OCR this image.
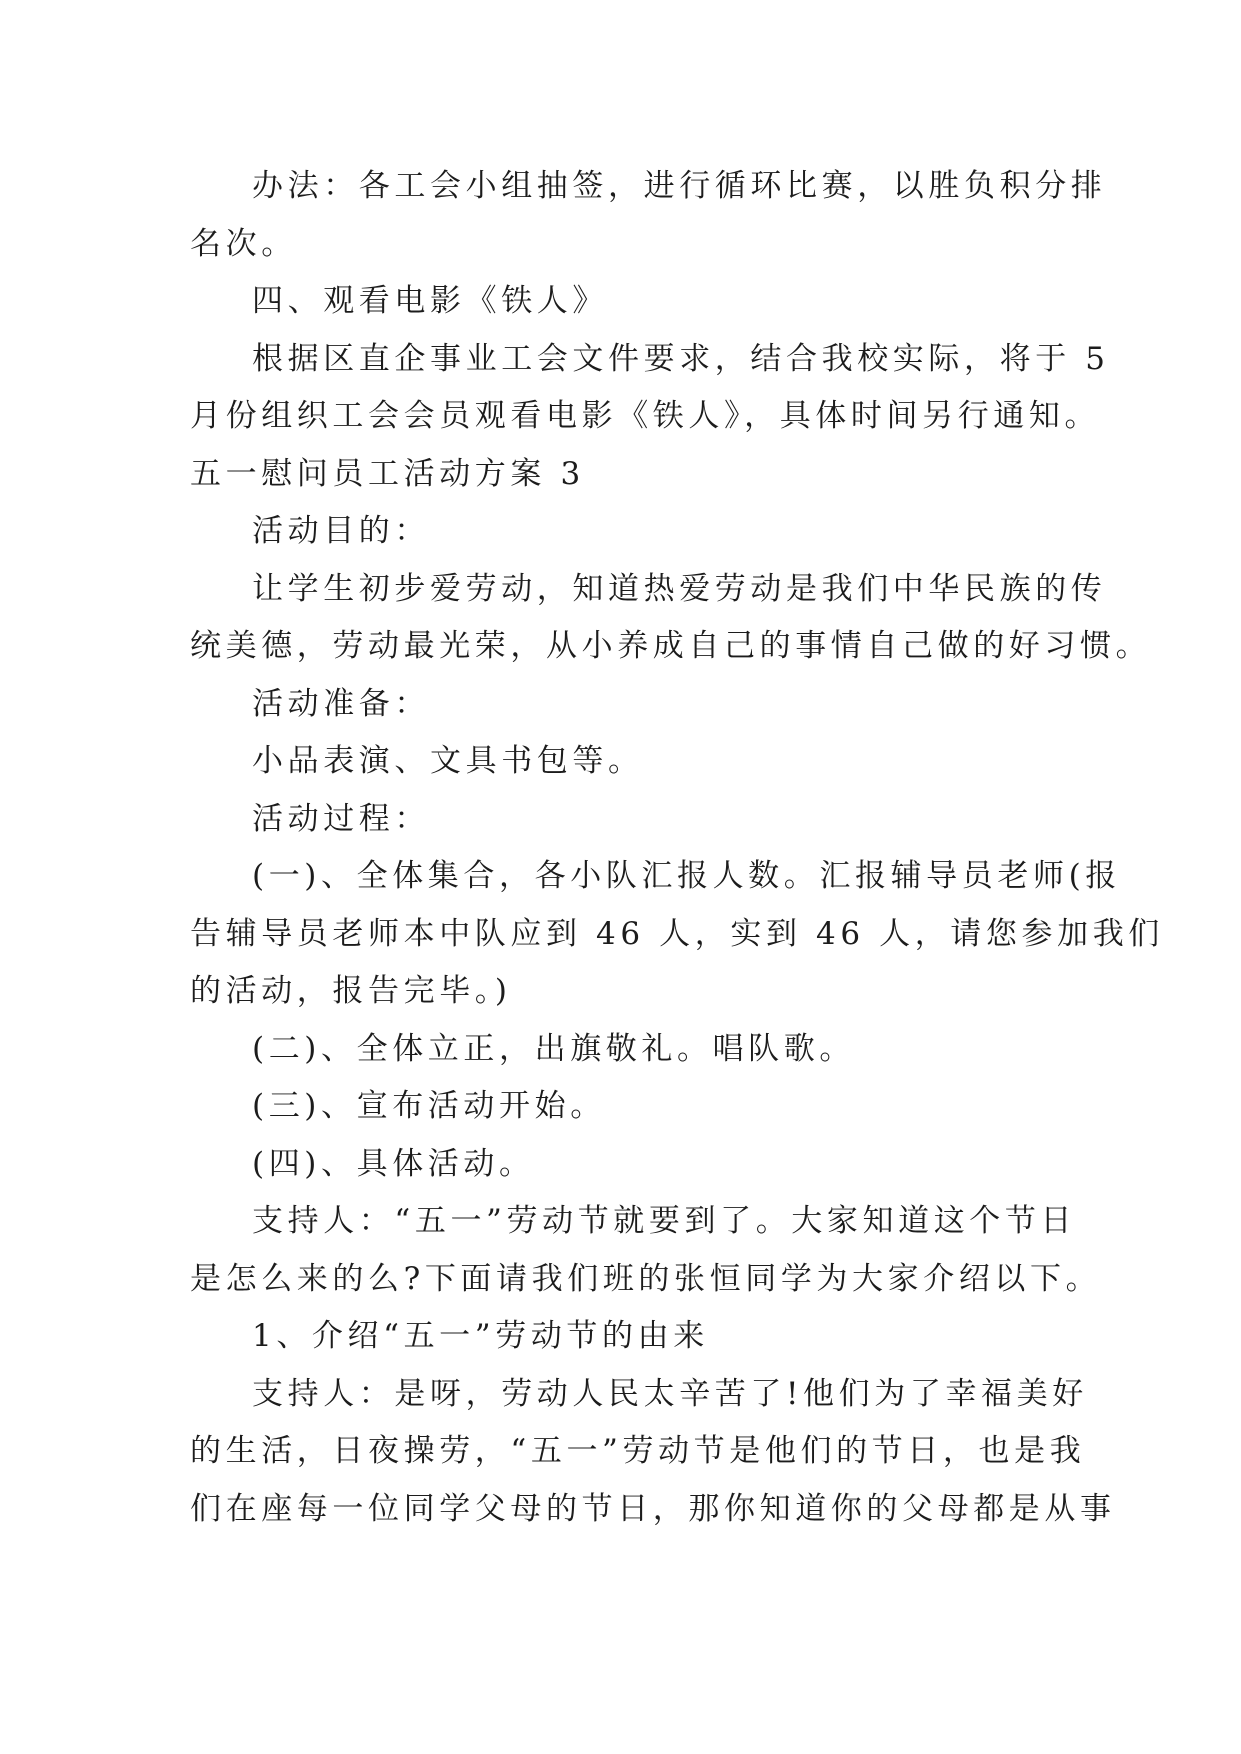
办法：各工会小组抽签，进行循环比赛，以胜负积分排
名次。
四、观看电影《铁人》
根据区直企事业工会文件要求，结合我校实际，将于 5
月份组织工会会员观看电影《铁人》，具体时间另行通知。
五一慰问员工活动方案 3
活动目的：
让学生初步爱劳动，知道热爱劳动是我们中华民族的传
统美德，劳动最光荣，从小养成自己的事情自己做的好习惯。
活动准备：
小品表演、文具书包等。
活动过程：
(一)、全体集合，各小队汇报人数。汇报辅导员老师(报
告辅导员老师本中队应到 46 人，实到 46 人，请您参加我们
的活动，报告完毕。)
(二)、全体立正，出旗敬礼。唱队歌。
(三)、宣布活动开始。
(四)、具体活动。
支持人：“五一”劳动节就要到了。大家知道这个节日
是怎么来的么?下面请我们班的张恒同学为大家介绍以下。
1、介绍“五一”劳动节的由来
支持人：是呀，劳动人民太辛苦了!他们为了幸福美好
的生活，日夜操劳，“五一”劳动节是他们的节日，也是我
们在座每一位同学父母的节日，那你知道你的父母都是从事
